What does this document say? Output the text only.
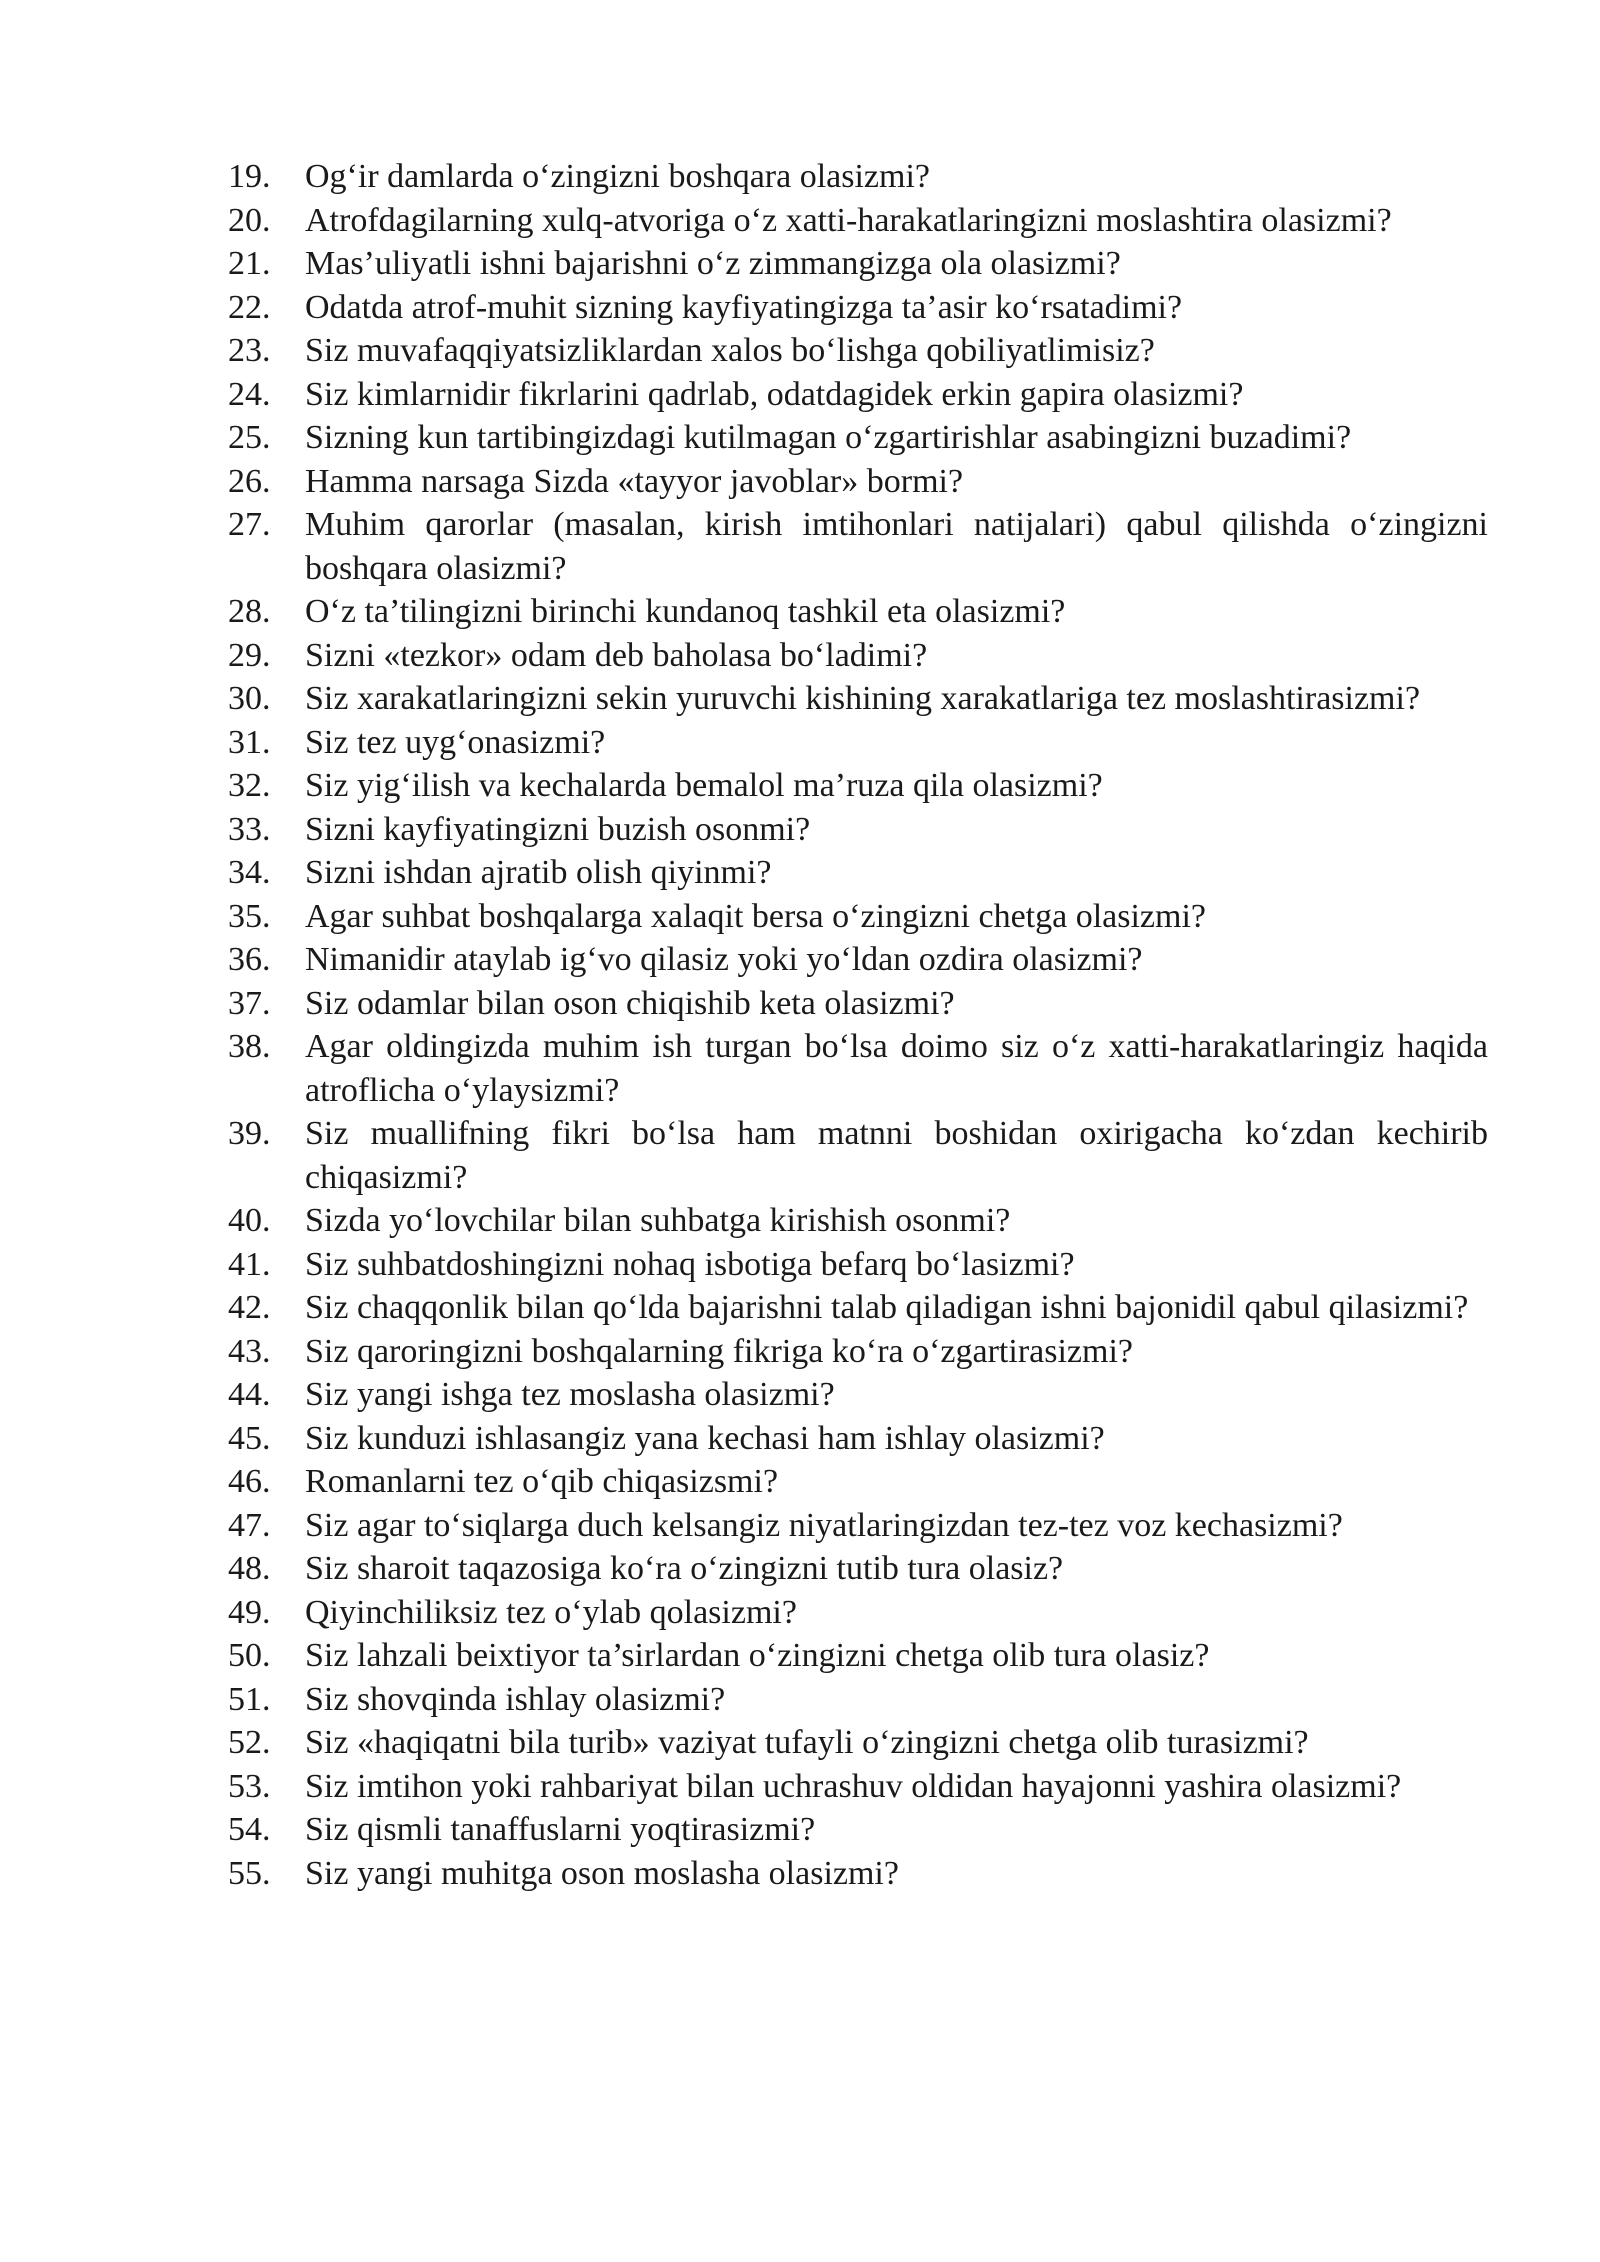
19.	Og‘ir damlarda o‘zingizni boshqara olasizmi?
20.	Atrofdagilarning xulq-atvoriga o‘z xatti-harakatlaringizni moslashtira olasizmi?
21.	Mas’uliyatli ishni bajarishni o‘z zimmangizga ola olasizmi?
22.	Odatda atrof-muhit sizning kayfiyatingizga ta’asir ko‘rsatadimi?
23.	Siz muvafaqqiyatsizliklardan xalos bo‘lishga qobiliyatlimisiz?
24.	Siz kimlarnidir fikrlarini qadrlab, odatdagidek erkin gapira olasizmi?
25.	Sizning kun tartibingizdagi kutilmagan o‘zgartirishlar asabingizni buzadimi?
26.	Hamma narsaga Sizda «tayyor javoblar» bormi?
27.	Muhim qarorlar (masalan, kirish imtihonlari natijalari) qabul qilishda o‘zingizni boshqara olasizmi?
28.	O‘z ta’tilingizni birinchi kundanoq tashkil eta olasizmi?
29.	Sizni «tezkor» odam deb baholasa bo‘ladimi?
30.	Siz xarakatlaringizni sekin yuruvchi kishining xarakatlariga tez moslashtirasizmi?
31.	Siz tez uyg‘onasizmi?
32.	Siz yig‘ilish va kechalarda bemalol ma’ruza qila olasizmi?
33.	Sizni kayfiyatingizni buzish osonmi?
34.	Sizni ishdan ajratib olish qiyinmi?
35.	Agar suhbat boshqalarga xalaqit bersa o‘zingizni chetga olasizmi?
36.	Nimanidir ataylab ig‘vo qilasiz yoki yo‘ldan ozdira olasizmi?
37.	Siz odamlar bilan oson chiqishib keta olasizmi?
38.	Agar oldingizda muhim ish turgan bo‘lsa doimo siz o‘z xatti-harakatlaringiz haqida atroflicha o‘ylaysizmi?
39.	Siz muallifning fikri bo‘lsa ham matnni boshidan oxirigacha ko‘zdan kechirib chiqasizmi?
40.	Sizda yo‘lovchilar bilan suhbatga kirishish osonmi?
41.	Siz suhbatdoshingizni nohaq isbotiga befarq bo‘lasizmi?
42.	Siz chaqqonlik bilan qo‘lda bajarishni talab qiladigan ishni bajonidil qabul qilasizmi?
43.	Siz qaroringizni boshqalarning fikriga ko‘ra o‘zgartirasizmi?
44.	Siz yangi ishga tez moslasha olasizmi?
45.	Siz kunduzi ishlasangiz yana kechasi ham ishlay olasizmi?
46.	Romanlarni tez o‘qib chiqasizsmi?
47.	Siz agar to‘siqlarga duch kelsangiz niyatlaringizdan tez-tez voz kechasizmi?
48.	Siz sharoit taqazosiga ko‘ra o‘zingizni tutib tura olasiz?
49.	Qiyinchiliksiz tez o‘ylab qolasizmi?
50.	Siz lahzali beixtiyor ta’sirlardan o‘zingizni chetga olib tura olasiz?
51.	Siz shovqinda ishlay olasizmi?
52.	Siz «haqiqatni bila turib» vaziyat tufayli o‘zingizni chetga olib turasizmi?
53.	Siz imtihon yoki rahbariyat bilan uchrashuv oldidan hayajonni yashira olasizmi?
54.	Siz qismli tanaffuslarni yoqtirasizmi?
55.	Siz yangi muhitga oson moslasha olasizmi?
